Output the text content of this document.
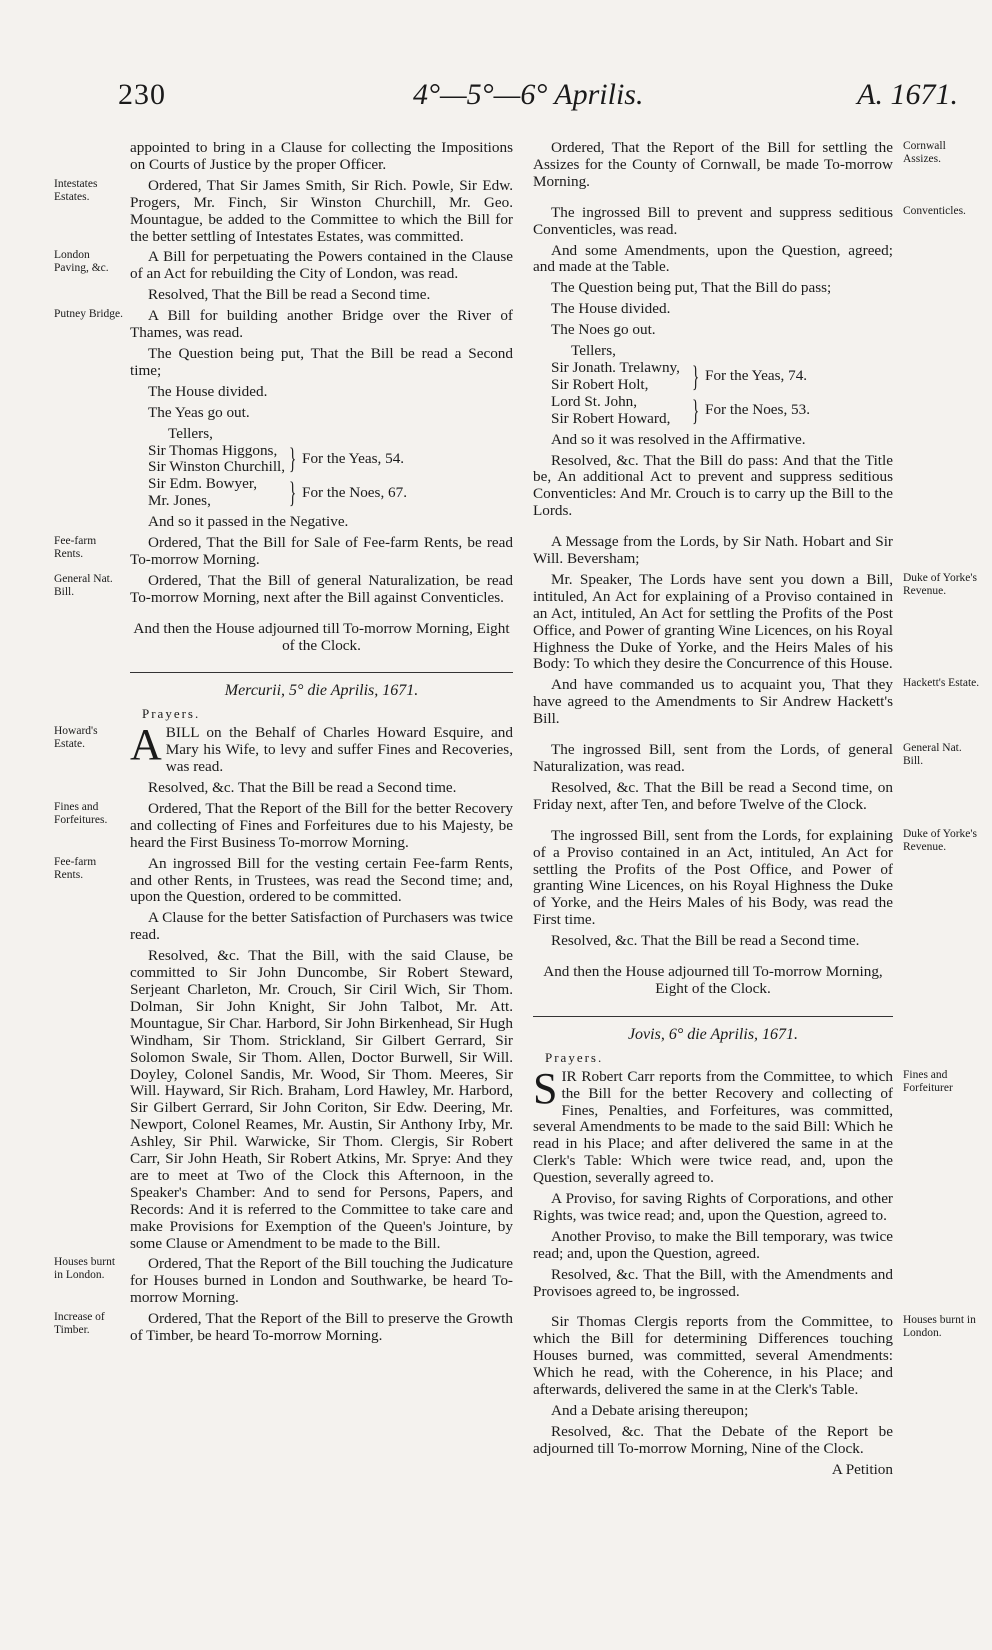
230	4°—5°—6° Aprilis.	A. 1671.

appointed to bring in a Clause for collecting the Impositions on Courts of Justice by the proper Officer.

Intestates Estates.
Ordered, That Sir James Smith, Sir Rich. Powle, Sir Edw. Progers, Mr. Finch, Sir Winston Churchill, Mr. Geo. Mountague, be added to the Committee to which the Bill for the better settling of Intestates Estates, was committed.

London Paving, &c.
A Bill for perpetuating the Powers contained in the Clause of an Act for rebuilding the City of London, was read.

Resolved, That the Bill be read a Second time.

Putney Bridge. A Bill for building another Bridge over the River of Thames, was read.

The Question being put, That the Bill be read a Second time;

The House divided.

The Yeas go out.

Tellers,
Sir Thomas Higgons,
Sir Winston Churchill, } For the Yeas, 54.
Sir Edm. Bowyer,
Mr. Jones,	} For the Noes, 67.

And so it passed in the Negative.

Fee-farm Rents.
Ordered, That the Bill for Sale of Fee-farm Rents, be read To-morrow Morning.

General Nat. Bill.
Ordered, That the Bill of general Naturalization, be read To-morrow Morning, next after the Bill against Conventicles.

And then the House adjourned till To-morrow Morning, Eight of the Clock.

Mercurii, 5° die Aprilis, 1671.
Prayers.

Howard's Estate.	A BILL on the Behalf of Charles Howard Esquire, and Mary his Wife, to levy and suffer Fines and Recoveries, was read.

Resolved, &c. That the Bill be read a Second time.

Fines and Forfeitures.
Ordered, That the Report of the Bill for the better Recovery and collecting of Fines and Forfeitures due to his Majesty, be heard the First Business To-morrow Morning.

Fee-farm Rents.
An ingrossed Bill for the vesting certain Fee-farm Rents, and other Rents, in Trustees, was read the Second time; and, upon the Question, ordered to be committed.

A Clause for the better Satisfaction of Purchasers was twice read.

Resolved, &c. That the Bill, with the said Clause, be committed to Sir John Duncombe, Sir Robert Steward, Serjeant Charleton, Mr. Crouch, Sir Ciril Wich, Sir Thom. Dolman, Sir John Knight, Sir John Talbot, Mr. Att. Mountague, Sir Char. Harbord, Sir John Birkenhead, Sir Hugh Windham, Sir Thom. Strickland, Sir Gilbert Gerrard, Sir Solomon Swale, Sir Thom. Allen, Doctor Burwell, Sir Will. Doyley, Colonel Sandis, Mr. Wood, Sir Thom. Meeres, Sir Will. Hayward, Sir Rich. Braham, Lord Hawley, Mr. Harbord, Sir Gilbert Gerrard, Sir John Coriton, Sir Edw. Deering, Mr. Newport, Colonel Reames, Mr. Austin, Sir Anthony Irby, Mr. Ashley, Sir Phil. Warwicke, Sir Thom. Clergis, Sir Robert Carr, Sir John Heath, Sir Robert Atkins, Mr. Sprye: And they are to meet at Two of the Clock this Afternoon, in the Speaker's Chamber: And to send for Persons, Papers, and Records: And it is referred to the Committee to take care and make Provisions for Exemption of the Queen's Jointure, by some Clause or Amendment to be made to the Bill.

Houses burnt in London.
Ordered, That the Report of the Bill touching the Judicature for Houses burned in London and Southwarke, be heard To-morrow Morning.

Increase of Timber.
Ordered, That the Report of the Bill to preserve the Growth of Timber, be heard To-morrow Morning.

Cornwall Assizes.
Ordered, That the Report of the Bill for settling the Assizes for the County of Cornwall, be made To-morrow Morning.

Conventicles.
The ingrossed Bill to prevent and suppress seditious Conventicles, was read.

And some Amendments, upon the Question, agreed; and made at the Table.

The Question being put, That the Bill do pass;

The House divided.

The Noes go out.

Tellers,
Sir Jonath. Trelawny,
Sir Robert Holt,	} For the Yeas, 74.
Lord St. John,
Sir Robert Howard, } For the Noes, 53.

And so it was resolved in the Affirmative.

Resolved, &c. That the Bill do pass: And that the Title be, An additional Act to prevent and suppress seditious Conventicles: And Mr. Crouch is to carry up the Bill to the Lords.

A Message from the Lords, by Sir Nath. Hobart and Sir Will. Beversham;

Duke of Yorke's Revenue.
Mr. Speaker, The Lords have sent you down a Bill, intituled, An Act for explaining of a Proviso contained in an Act, intituled, An Act for settling the Profits of the Post Office, and Power of granting Wine Licences, on his Royal Highness the Duke of Yorke, and the Heirs Males of his Body: To which they desire the Concurrence of this House.

Hackett's Estate.
And have commanded us to acquaint you, That they have agreed to the Amendments to Sir Andrew Hackett's Bill.

General Nat. Bill.
The ingrossed Bill, sent from the Lords, of general Naturalization, was read.

Resolved, &c. That the Bill be read a Second time, on Friday next, after Ten, and before Twelve of the Clock.

Duke of Yorke's Revenue.
The ingrossed Bill, sent from the Lords, for explaining of a Proviso contained in an Act, intituled, An Act for settling the Profits of the Post Office, and Power of granting Wine Licences, on his Royal Highness the Duke of Yorke, and the Heirs Males of his Body, was read the First time.

Resolved, &c. That the Bill be read a Second time.

And then the House adjourned till To-morrow Morning, Eight of the Clock.

Jovis, 6° die Aprilis, 1671.
Prayers.

Fines and Forfeiturer
S IR Robert Carr reports from the Committee, to which the Bill for the better Recovery and collecting of Fines, Penalties, and Forfeitures, was committed, several Amendments to be made to the said Bill: Which he read in his Place; and after delivered the same in at the Clerk's Table: Which were twice read, and, upon the Question, severally agreed to.

A Proviso, for saving Rights of Corporations, and other Rights, was twice read; and, upon the Question, agreed to.

Another Proviso, to make the Bill temporary, was twice read; and, upon the Question, agreed.

Resolved, &c. That the Bill, with the Amendments and Provisoes agreed to, be ingrossed.

Houses burnt in London.
Sir Thomas Clergis reports from the Committee, to which the Bill for determining Differences touching Houses burned, was committed, several Amendments: Which he read, with the Coherence, in his Place; and afterwards, delivered the same in at the Clerk's Table.

And a Debate arising thereupon;

Resolved, &c. That the Debate of the Report be adjourned till To-morrow Morning, Nine of the Clock.

A Petition
